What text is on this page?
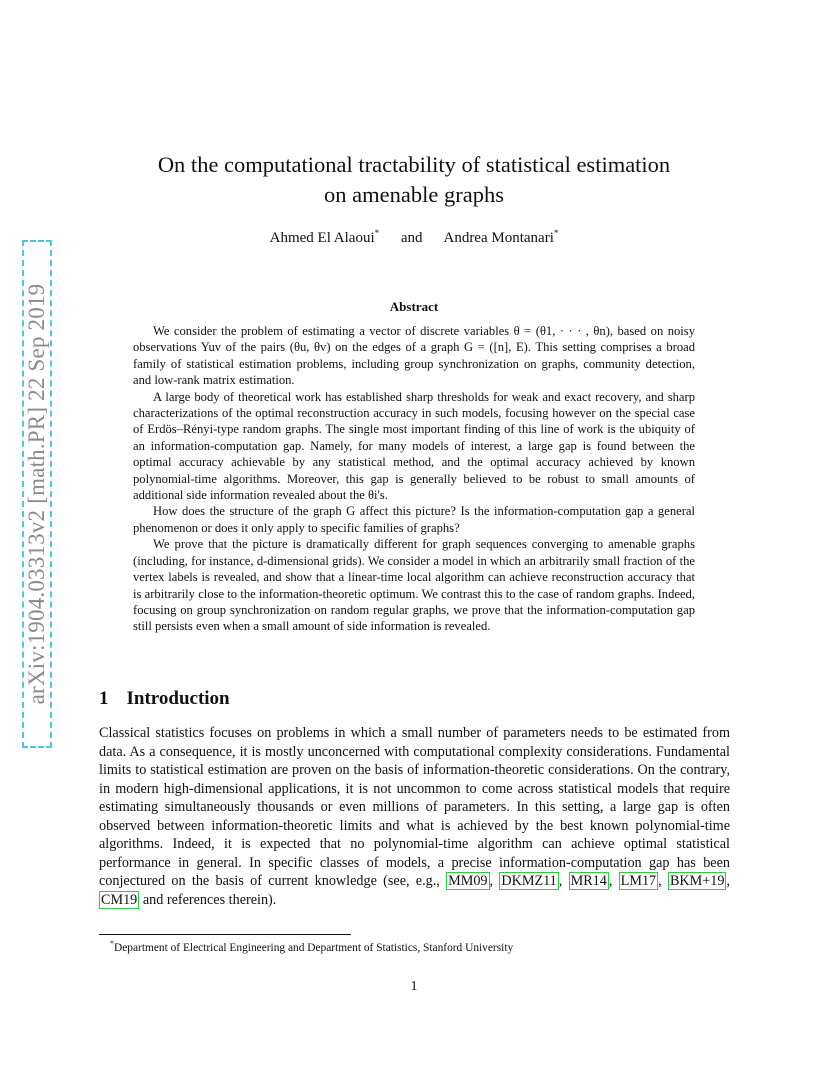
arXiv:1904.03313v2 [math.PR] 22 Sep 2019
On the computational tractability of statistical estimation
on amenable graphs
Ahmed El Alaoui* and Andrea Montanari*
Abstract

We consider the problem of estimating a vector of discrete variables θ = (θ1, · · · , θn), based on noisy observations Yuv of the pairs (θu, θv) on the edges of a graph G = ([n], E). This setting comprises a broad family of statistical estimation problems, including group synchronization on graphs, community detection, and low-rank matrix estimation.

A large body of theoretical work has established sharp thresholds for weak and exact recovery, and sharp characterizations of the optimal reconstruction accuracy in such models, focusing however on the special case of Erdös–Rényi-type random graphs. The single most important finding of this line of work is the ubiquity of an information-computation gap. Namely, for many models of interest, a large gap is found between the optimal accuracy achievable by any statistical method, and the optimal accuracy achieved by known polynomial-time algorithms. Moreover, this gap is generally believed to be robust to small amounts of additional side information revealed about the θi's.

How does the structure of the graph G affect this picture? Is the information-computation gap a general phenomenon or does it only apply to specific families of graphs?

We prove that the picture is dramatically different for graph sequences converging to amenable graphs (including, for instance, d-dimensional grids). We consider a model in which an arbitrarily small fraction of the vertex labels is revealed, and show that a linear-time local algorithm can achieve reconstruction accuracy that is arbitrarily close to the information-theoretic optimum. We contrast this to the case of random graphs. Indeed, focusing on group synchronization on random regular graphs, we prove that the information-computation gap still persists even when a small amount of side information is revealed.

1 Introduction

Classical statistics focuses on problems in which a small number of parameters needs to be estimated from data. As a consequence, it is mostly unconcerned with computational complexity considerations. Fundamental limits to statistical estimation are proven on the basis of information-theoretic considerations. On the contrary, in modern high-dimensional applications, it is not uncommon to come across statistical models that require estimating simultaneously thousands or even millions of parameters. In this setting, a large gap is often observed between information-theoretic limits and what is achieved by the best known polynomial-time algorithms. Indeed, it is expected that no polynomial-time algorithm can achieve optimal statistical performance in general. In specific classes of models, a precise information-computation gap has been conjectured on the basis of current knowledge (see, e.g., MM09 , DKMZ11 , MR14 , LM17 , BKM+19 , CM19 and references therein).

*Department of Electrical Engineering and Department of Statistics, Stanford University
1
